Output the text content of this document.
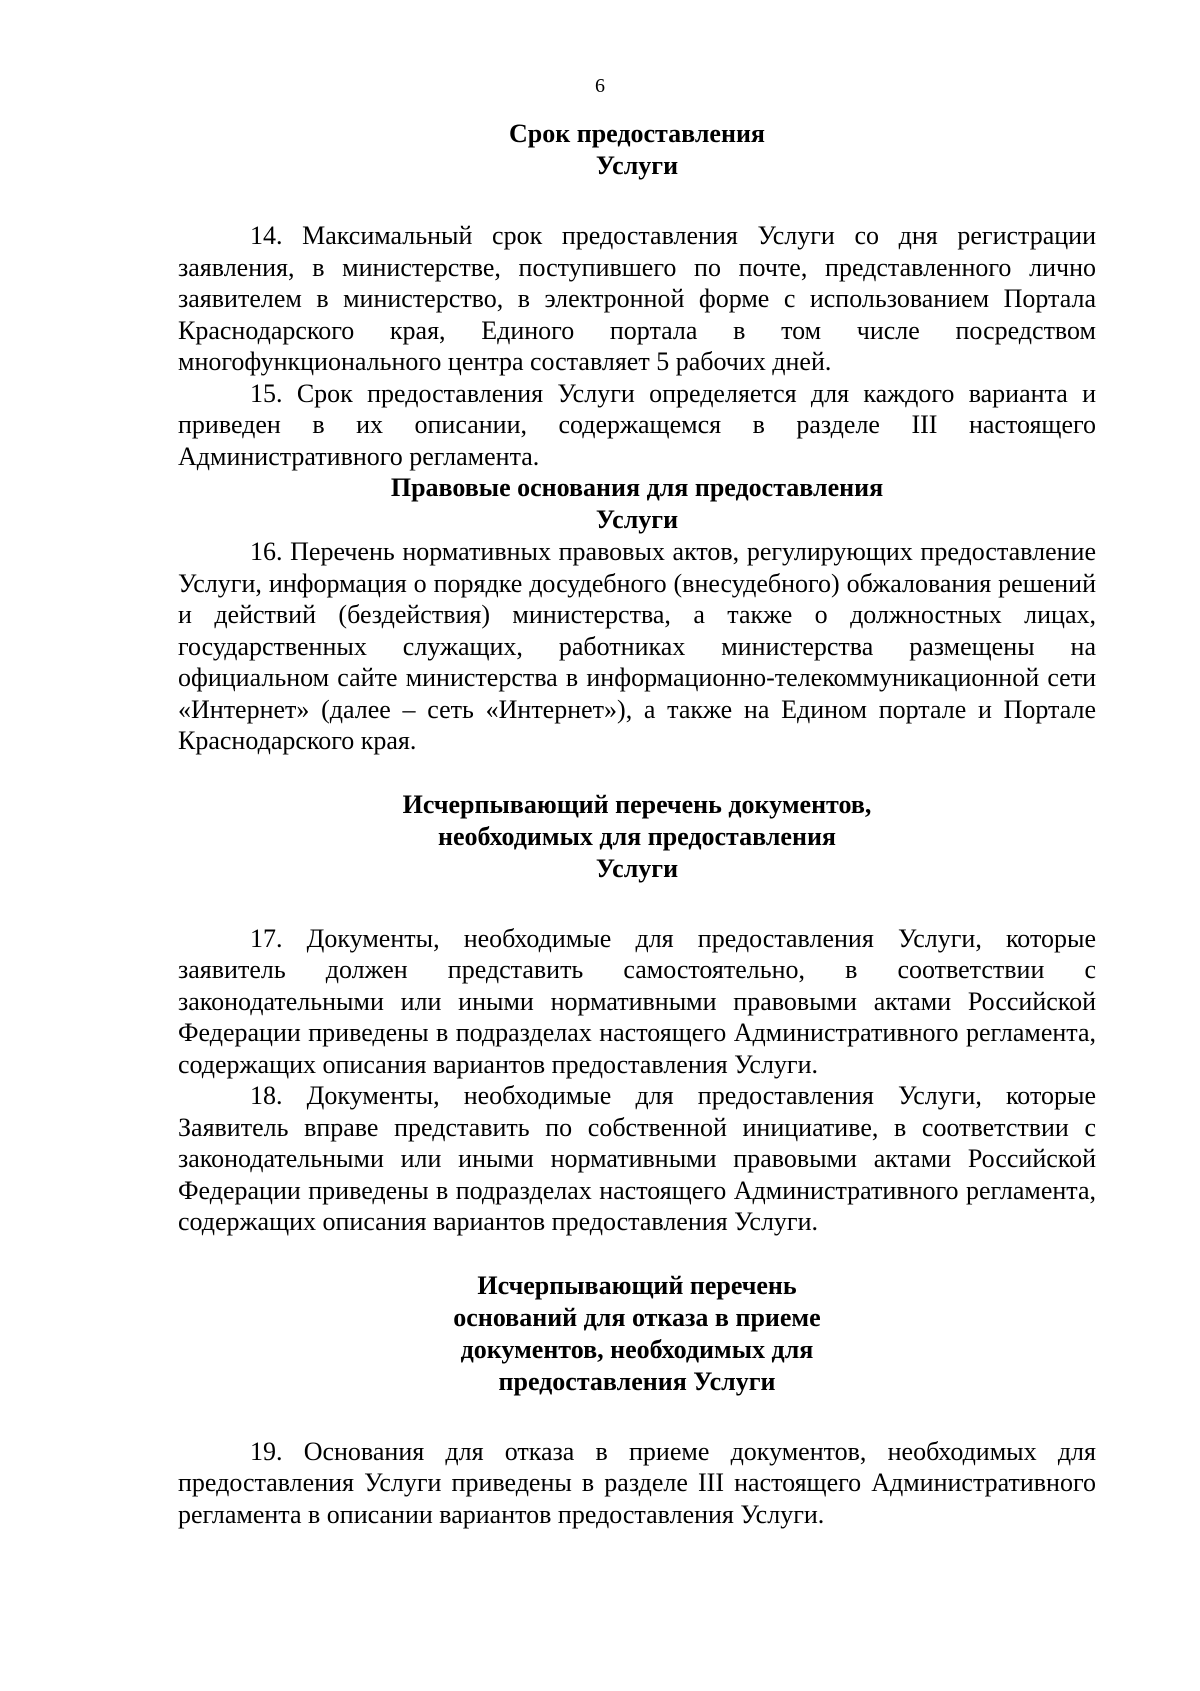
6
Срок предоставления
Услуги

14. Максимальный срок предоставления Услуги со дня регистрации заявления, в министерстве, поступившего по почте, представленного лично заявителем в министерство, в электронной форме с использованием Портала Краснодарского края, Единого портала в том числе посредством многофункционального центра составляет 5 рабочих дней.

15. Срок предоставления Услуги определяется для каждого варианта и приведен в их описании, содержащемся в разделе III настоящего Административного регламента.

Правовые основания для предоставления
Услуги

16. Перечень нормативных правовых актов, регулирующих предоставление Услуги, информация о порядке досудебного (внесудебного) обжалования решений и действий (бездействия) министерства, а также о должностных лицах, государственных служащих, работниках министерства размещены на официальном сайте министерства в информационно-телекоммуникационной сети «Интернет» (далее – сеть «Интернет»), а также на Едином портале и Портале Краснодарского края.

Исчерпывающий перечень документов,
необходимых для предоставления
Услуги

17. Документы, необходимые для предоставления Услуги, которые заявитель должен представить самостоятельно, в соответствии с законодательными или иными нормативными правовыми актами Российской Федерации приведены в подразделах настоящего Административного регламента, содержащих описания вариантов предоставления Услуги.

18. Документы, необходимые для предоставления Услуги, которые Заявитель вправе представить по собственной инициативе, в соответствии с законодательными или иными нормативными правовыми актами Российской Федерации приведены в подразделах настоящего Административного регламента, содержащих описания вариантов предоставления Услуги.

Исчерпывающий перечень
оснований для отказа в приеме
документов, необходимых для
предоставления Услуги

19. Основания для отказа в приеме документов, необходимых для предоставления Услуги приведены в разделе III настоящего Административного регламента в описании вариантов предоставления Услуги.
